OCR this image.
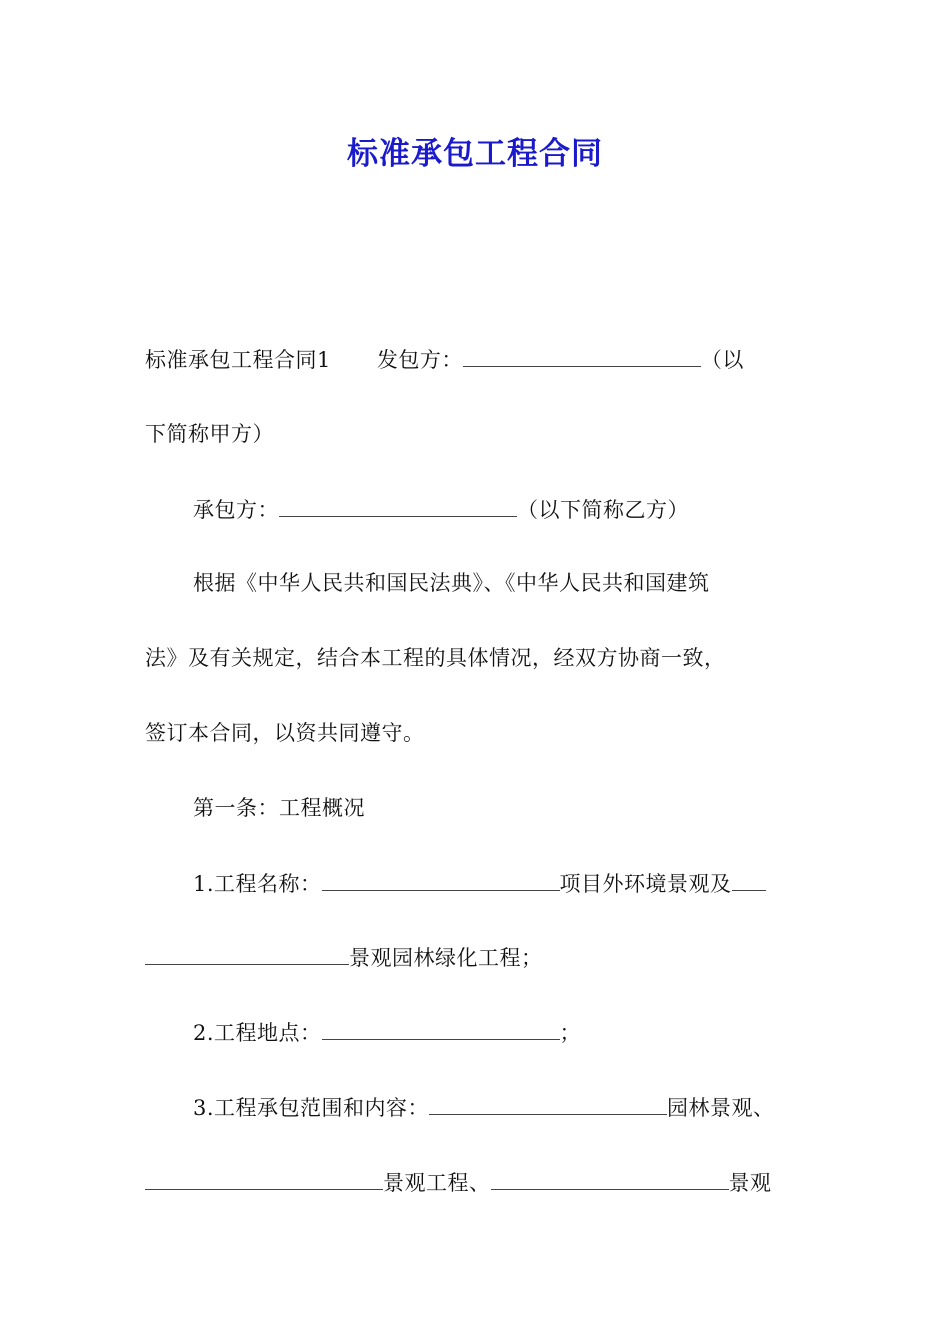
标准承包工程合同
标准承包工程合同1 发包方：	（以
下简称甲方）
承包方：	（以下简称乙方）
根据《中华人民共和国民法典》、《中华人民共和国建筑
法》及有关规定，结合本工程的具体情况，经双方协商一致，
签订本合同，以资共同遵守。
第一条：工程概况
1.工程名称：	项目外环境景观及
景观园林绿化工程；
2.工程地点：	；
3.工程承包范围和内容：	园林景观、
景观工程、	景观
